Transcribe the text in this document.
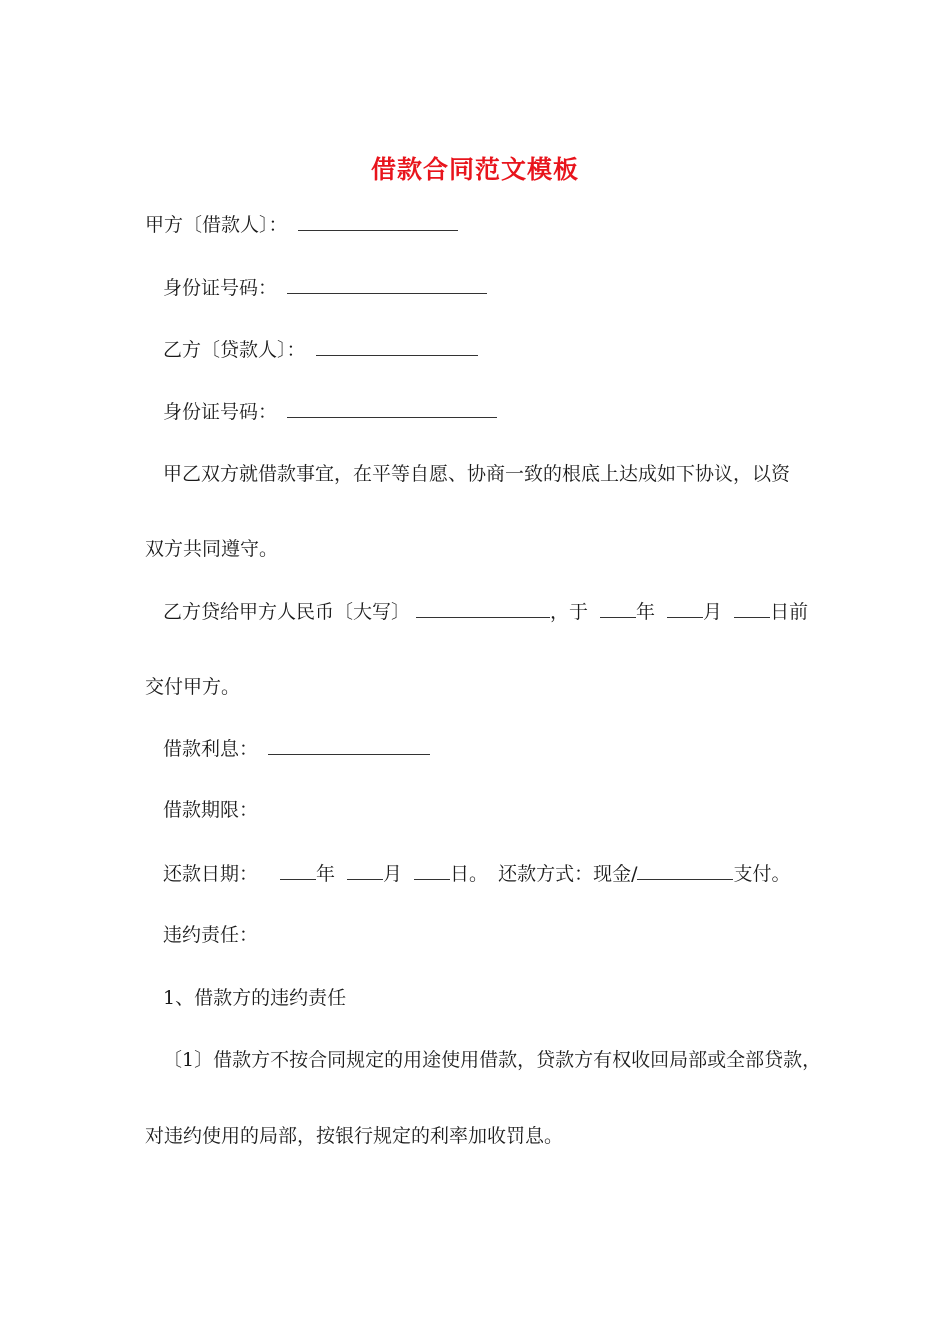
借款合同范文模板
甲方〔借款人〕：
身份证号码：
乙方〔贷款人〕：
身份证号码：
甲乙双方就借款事宜，在平等自愿、协商一致的根底上达成如下协议，以资
双方共同遵守。
乙方贷给甲方人民币〔大写〕	，于	年	月	日前
交付甲方。
借款利息：
借款期限：
还款日期：	年	月	日。 还款方式：现金/	支付。
违约责任：
1、借款方的违约责任
〔1〕借款方不按合同规定的用途使用借款，贷款方有权收回局部或全部贷款，
对违约使用的局部，按银行规定的利率加收罚息。
